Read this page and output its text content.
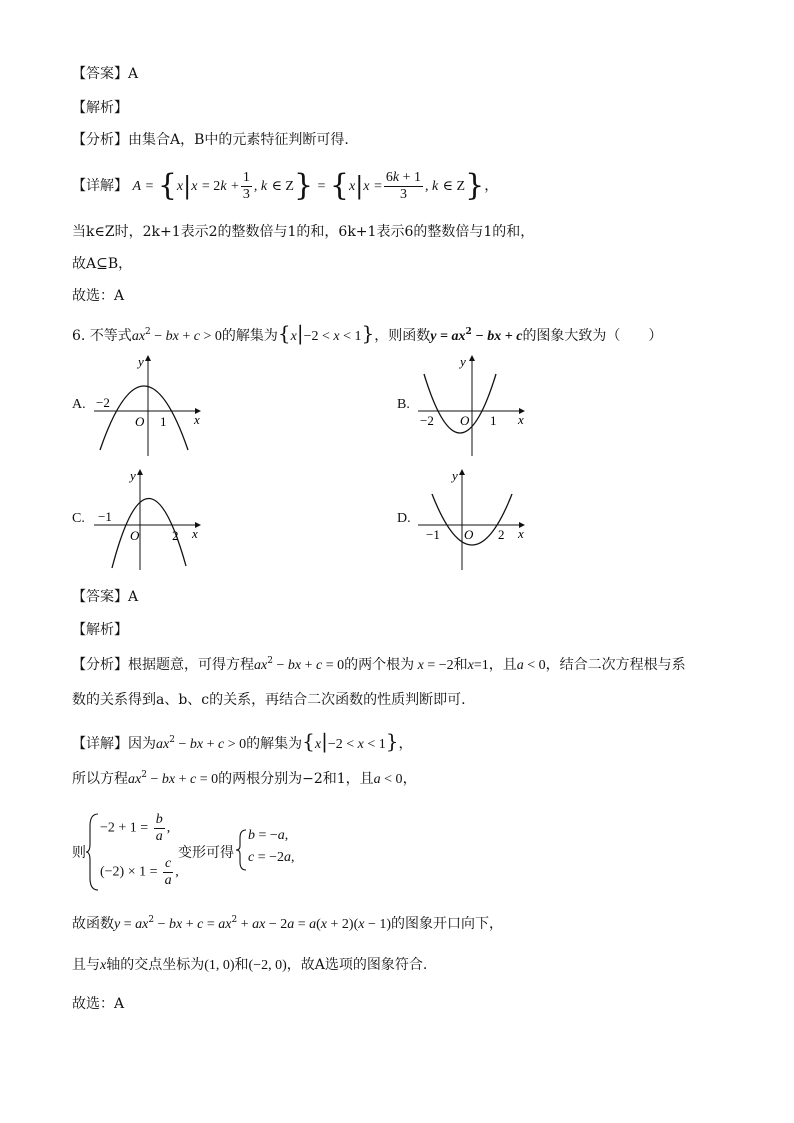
【答案】A
【解析】
【分析】由集合A，B中的元素特征判断可得.
【详解】 $A = \{x|x = 2k + \frac{1}{3}$ , k ∈ $Z\} = \{x|x = \frac{6k + 1}{3}$ , k ∈ Z}，
当k∈Z时，2k+1表示2的整数倍与1的和，6k+1表示6的整数倍与1的和，
故A⊆B，
故选：A
6. 不等式$ax^2$ − bx + c > 0的解集为{x|−2 < x < 1}，则函数$y = ax^2$ − bx + c的图象大致为（　　）
A. −2
O 1 x
y
B.
−2 O 1 x
y
C. −1
O	2 x
y
D.
−1 O 2 x
y
【答案】A
【解析】
【分析】根据题意，可得方程$ax^2$ − bx + c = 0的两个根为 x = −2和x=1，且a < 0，结合二次方程根与系
数的关系得到a、b、c的关系，再结合二次函数的性质判断即可.
【详解】因为$ax^2$ − bx + c > 0的解集为{x|−2 < x < 1}，
所以方程$ax^2$ − bx + c = 0的两根分别为−2和1，且a < 0，
则
$-2 + 1 = \frac{b}{a}$ ,
$(-2) \times 1 = \frac{c}{a}$ ,
变形可得
b = −a,
c = −2a,
故函数$y = ax^2$ − bx + $c = ax^2$ + ax − 2a = a(x + 2)(x − 1)的图象开口向下，
且与x轴的交点坐标为(1, 0)和(−2, 0)，故A选项的图象符合.
故选：A
